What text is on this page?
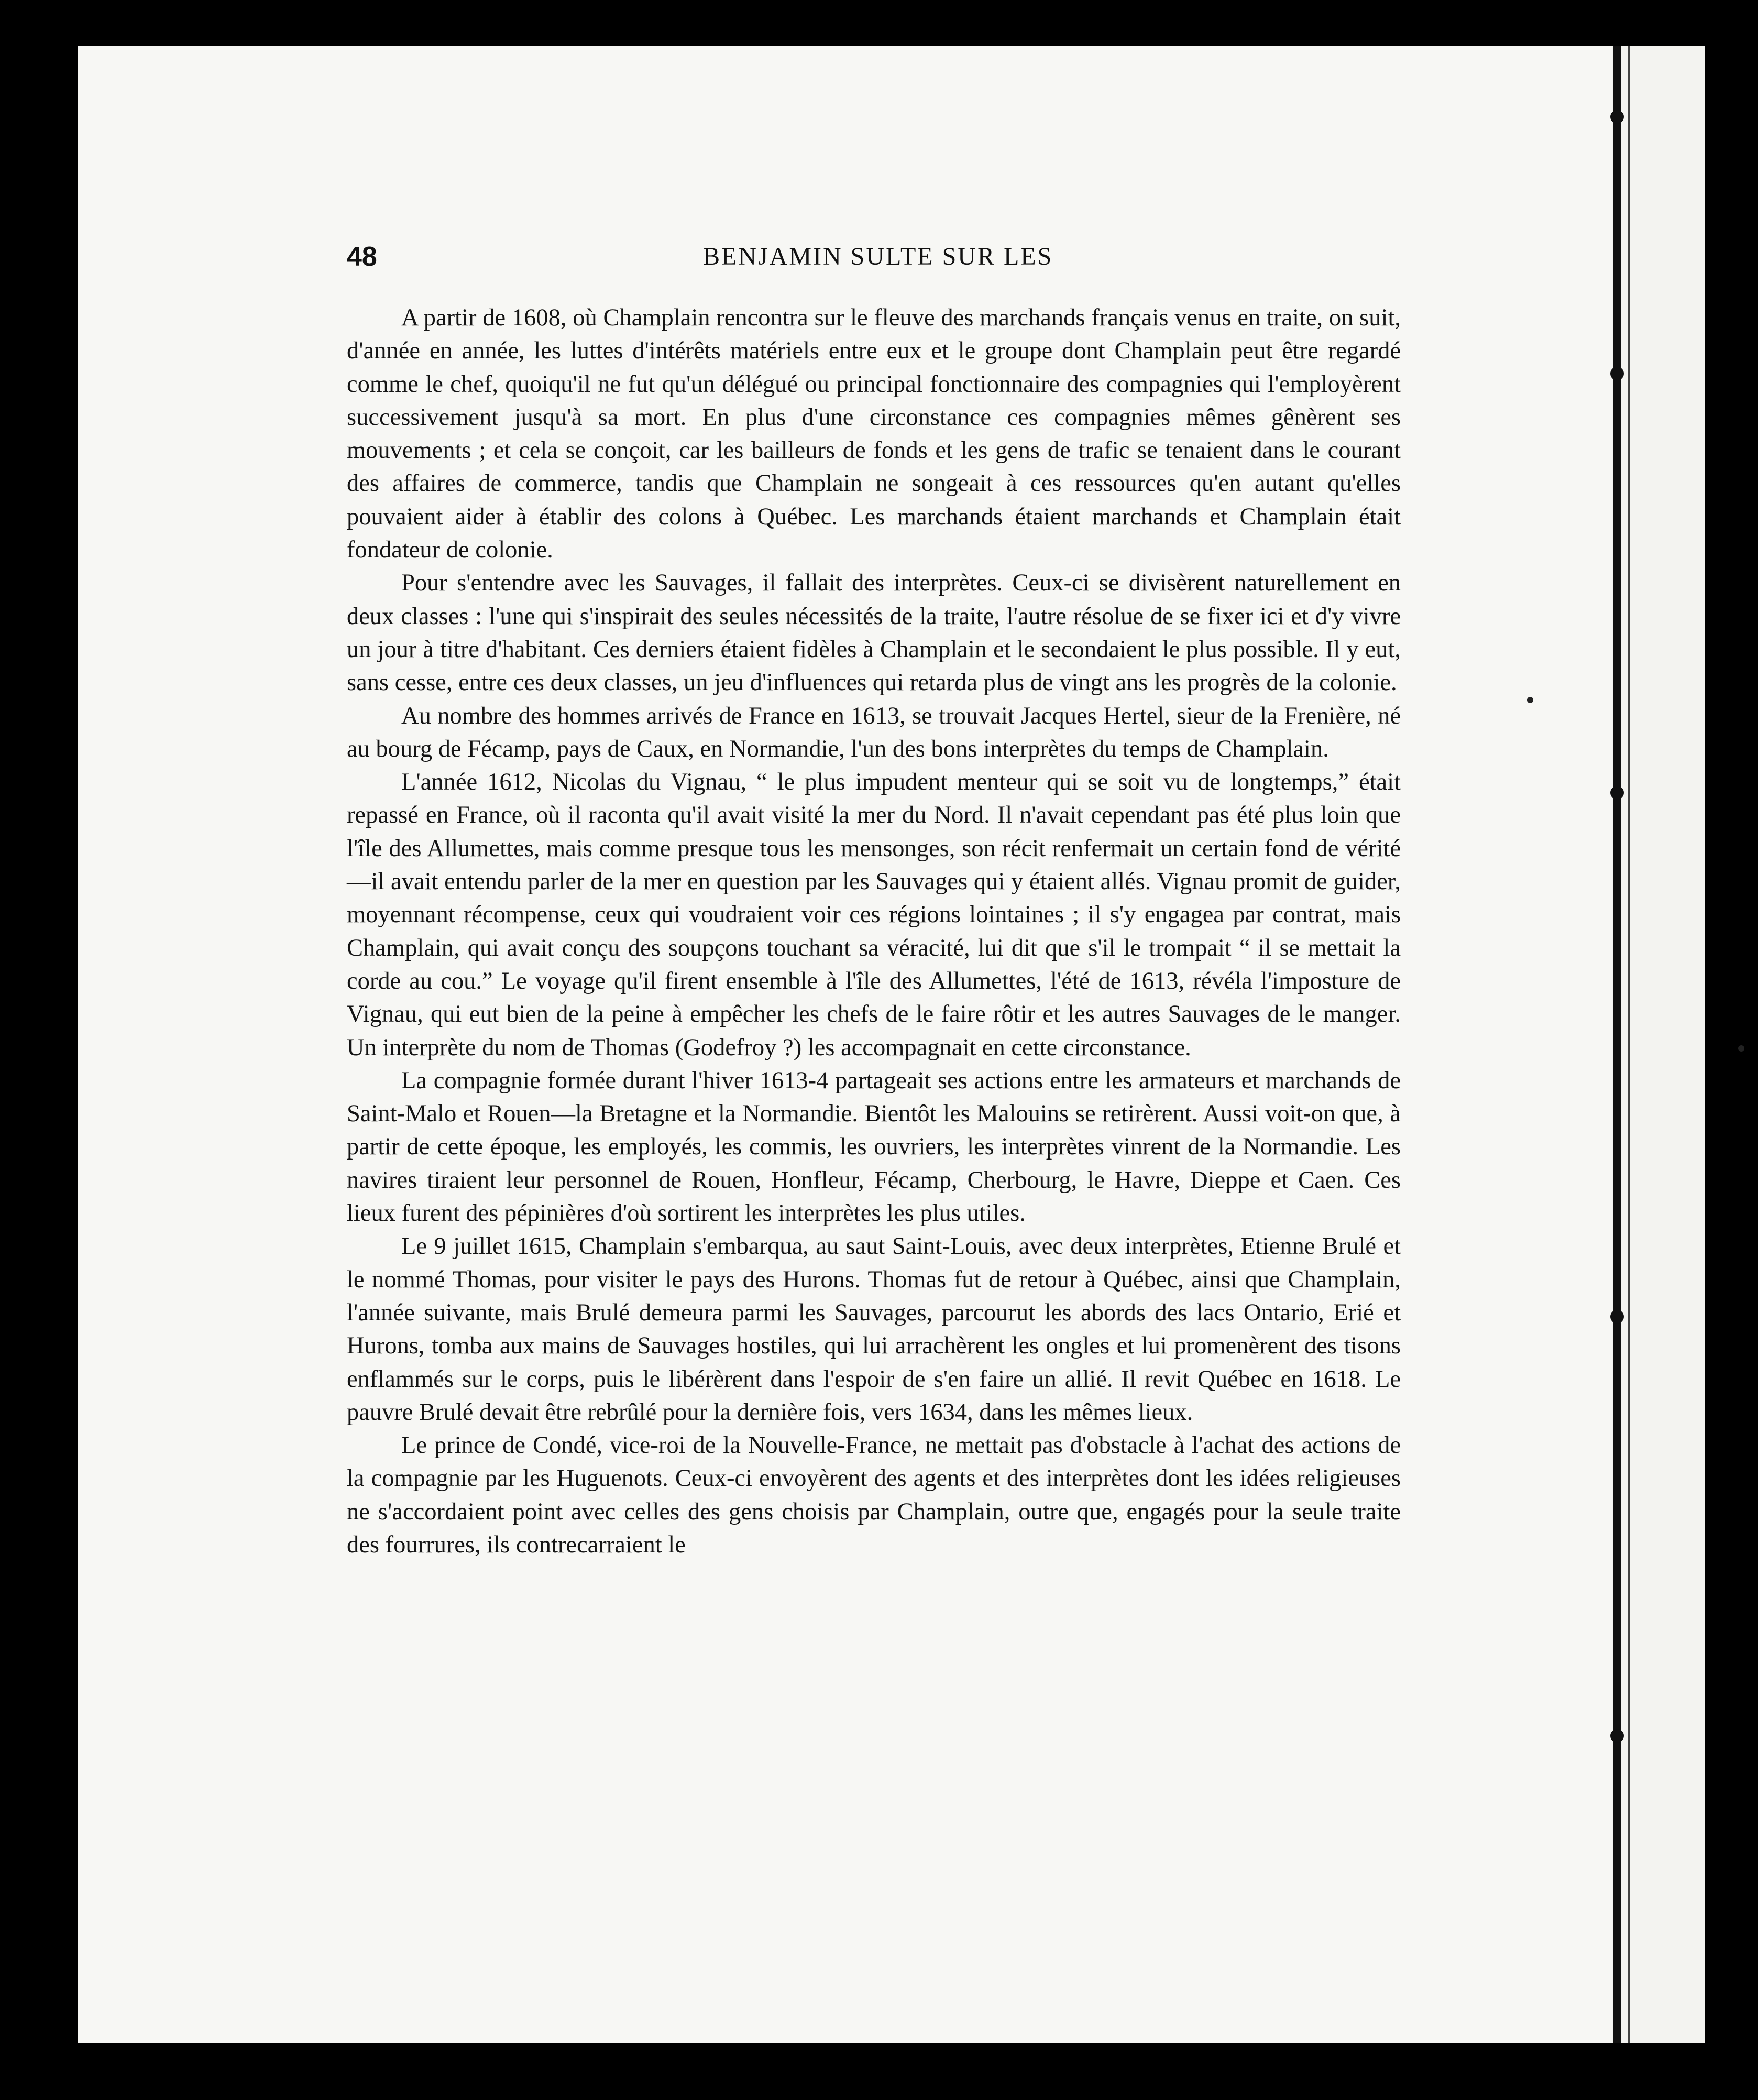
48	BENJAMIN SULTE SUR LES

A partir de 1608, où Champlain rencontra sur le fleuve des marchands français venus en traite, on suit, d'année en année, les luttes d'intérêts matériels entre eux et le groupe dont Champlain peut être regardé comme le chef, quoiqu'il ne fut qu'un délégué ou principal fonctionnaire des compagnies qui l'employèrent successivement jusqu'à sa mort. En plus d'une circonstance ces compagnies mêmes gênèrent ses mouvements ; et cela se conçoit, car les bailleurs de fonds et les gens de trafic se tenaient dans le courant des affaires de commerce, tandis que Champlain ne songeait à ces ressources qu'en autant qu'elles pouvaient aider à établir des colons à Québec. Les marchands étaient marchands et Champlain était fondateur de colonie.

Pour s'entendre avec les Sauvages, il fallait des interprètes. Ceux-ci se divisèrent naturellement en deux classes : l'une qui s'inspirait des seules nécessités de la traite, l'autre résolue de se fixer ici et d'y vivre un jour à titre d'habitant. Ces derniers étaient fidèles à Champlain et le secondaient le plus possible. Il y eut, sans cesse, entre ces deux classes, un jeu d'influences qui retarda plus de vingt ans les progrès de la colonie.

Au nombre des hommes arrivés de France en 1613, se trouvait Jacques Hertel, sieur de la Frenière, né au bourg de Fécamp, pays de Caux, en Normandie, l'un des bons interprètes du temps de Champlain.

L'année 1612, Nicolas du Vignau, “ le plus impudent menteur qui se soit vu de longtemps,” était repassé en France, où il raconta qu'il avait visité la mer du Nord. Il n'avait cependant pas été plus loin que l'île des Allumettes, mais comme presque tous les mensonges, son récit renfermait un certain fond de vérité—il avait entendu parler de la mer en question par les Sauvages qui y étaient allés. Vignau promit de guider, moyennant récompense, ceux qui voudraient voir ces régions lointaines ; il s'y engagea par contrat, mais Champlain, qui avait conçu des soupçons touchant sa véracité, lui dit que s'il le trompait “ il se mettait la corde au cou.” Le voyage qu'il firent ensemble à l'île des Allumettes, l'été de 1613, révéla l'imposture de Vignau, qui eut bien de la peine à empêcher les chefs de le faire rôtir et les autres Sauvages de le manger. Un interprète du nom de Thomas (Godefroy ?) les accompagnait en cette circonstance.

La compagnie formée durant l'hiver 1613-4 partageait ses actions entre les armateurs et marchands de Saint-Malo et Rouen—la Bretagne et la Normandie. Bientôt les Malouins se retirèrent. Aussi voit-on que, à partir de cette époque, les employés, les commis, les ouvriers, les interprètes vinrent de la Normandie. Les navires tiraient leur personnel de Rouen, Honfleur, Fécamp, Cherbourg, le Havre, Dieppe et Caen. Ces lieux furent des pépinières d'où sortirent les interprètes les plus utiles.

Le 9 juillet 1615, Champlain s'embarqua, au saut Saint-Louis, avec deux interprètes, Etienne Brulé et le nommé Thomas, pour visiter le pays des Hurons. Thomas fut de retour à Québec, ainsi que Champlain, l'année suivante, mais Brulé demeura parmi les Sauvages, parcourut les abords des lacs Ontario, Erié et Hurons, tomba aux mains de Sauvages hostiles, qui lui arrachèrent les ongles et lui promenèrent des tisons enflammés sur le corps, puis le libérèrent dans l'espoir de s'en faire un allié. Il revit Québec en 1618. Le pauvre Brulé devait être rebrûlé pour la dernière fois, vers 1634, dans les mêmes lieux.

Le prince de Condé, vice-roi de la Nouvelle-France, ne mettait pas d'obstacle à l'achat des actions de la compagnie par les Huguenots. Ceux-ci envoyèrent des agents et des interprètes dont les idées religieuses ne s'accordaient point avec celles des gens choisis par Champlain, outre que, engagés pour la seule traite des fourrures, ils contrecarraient le
